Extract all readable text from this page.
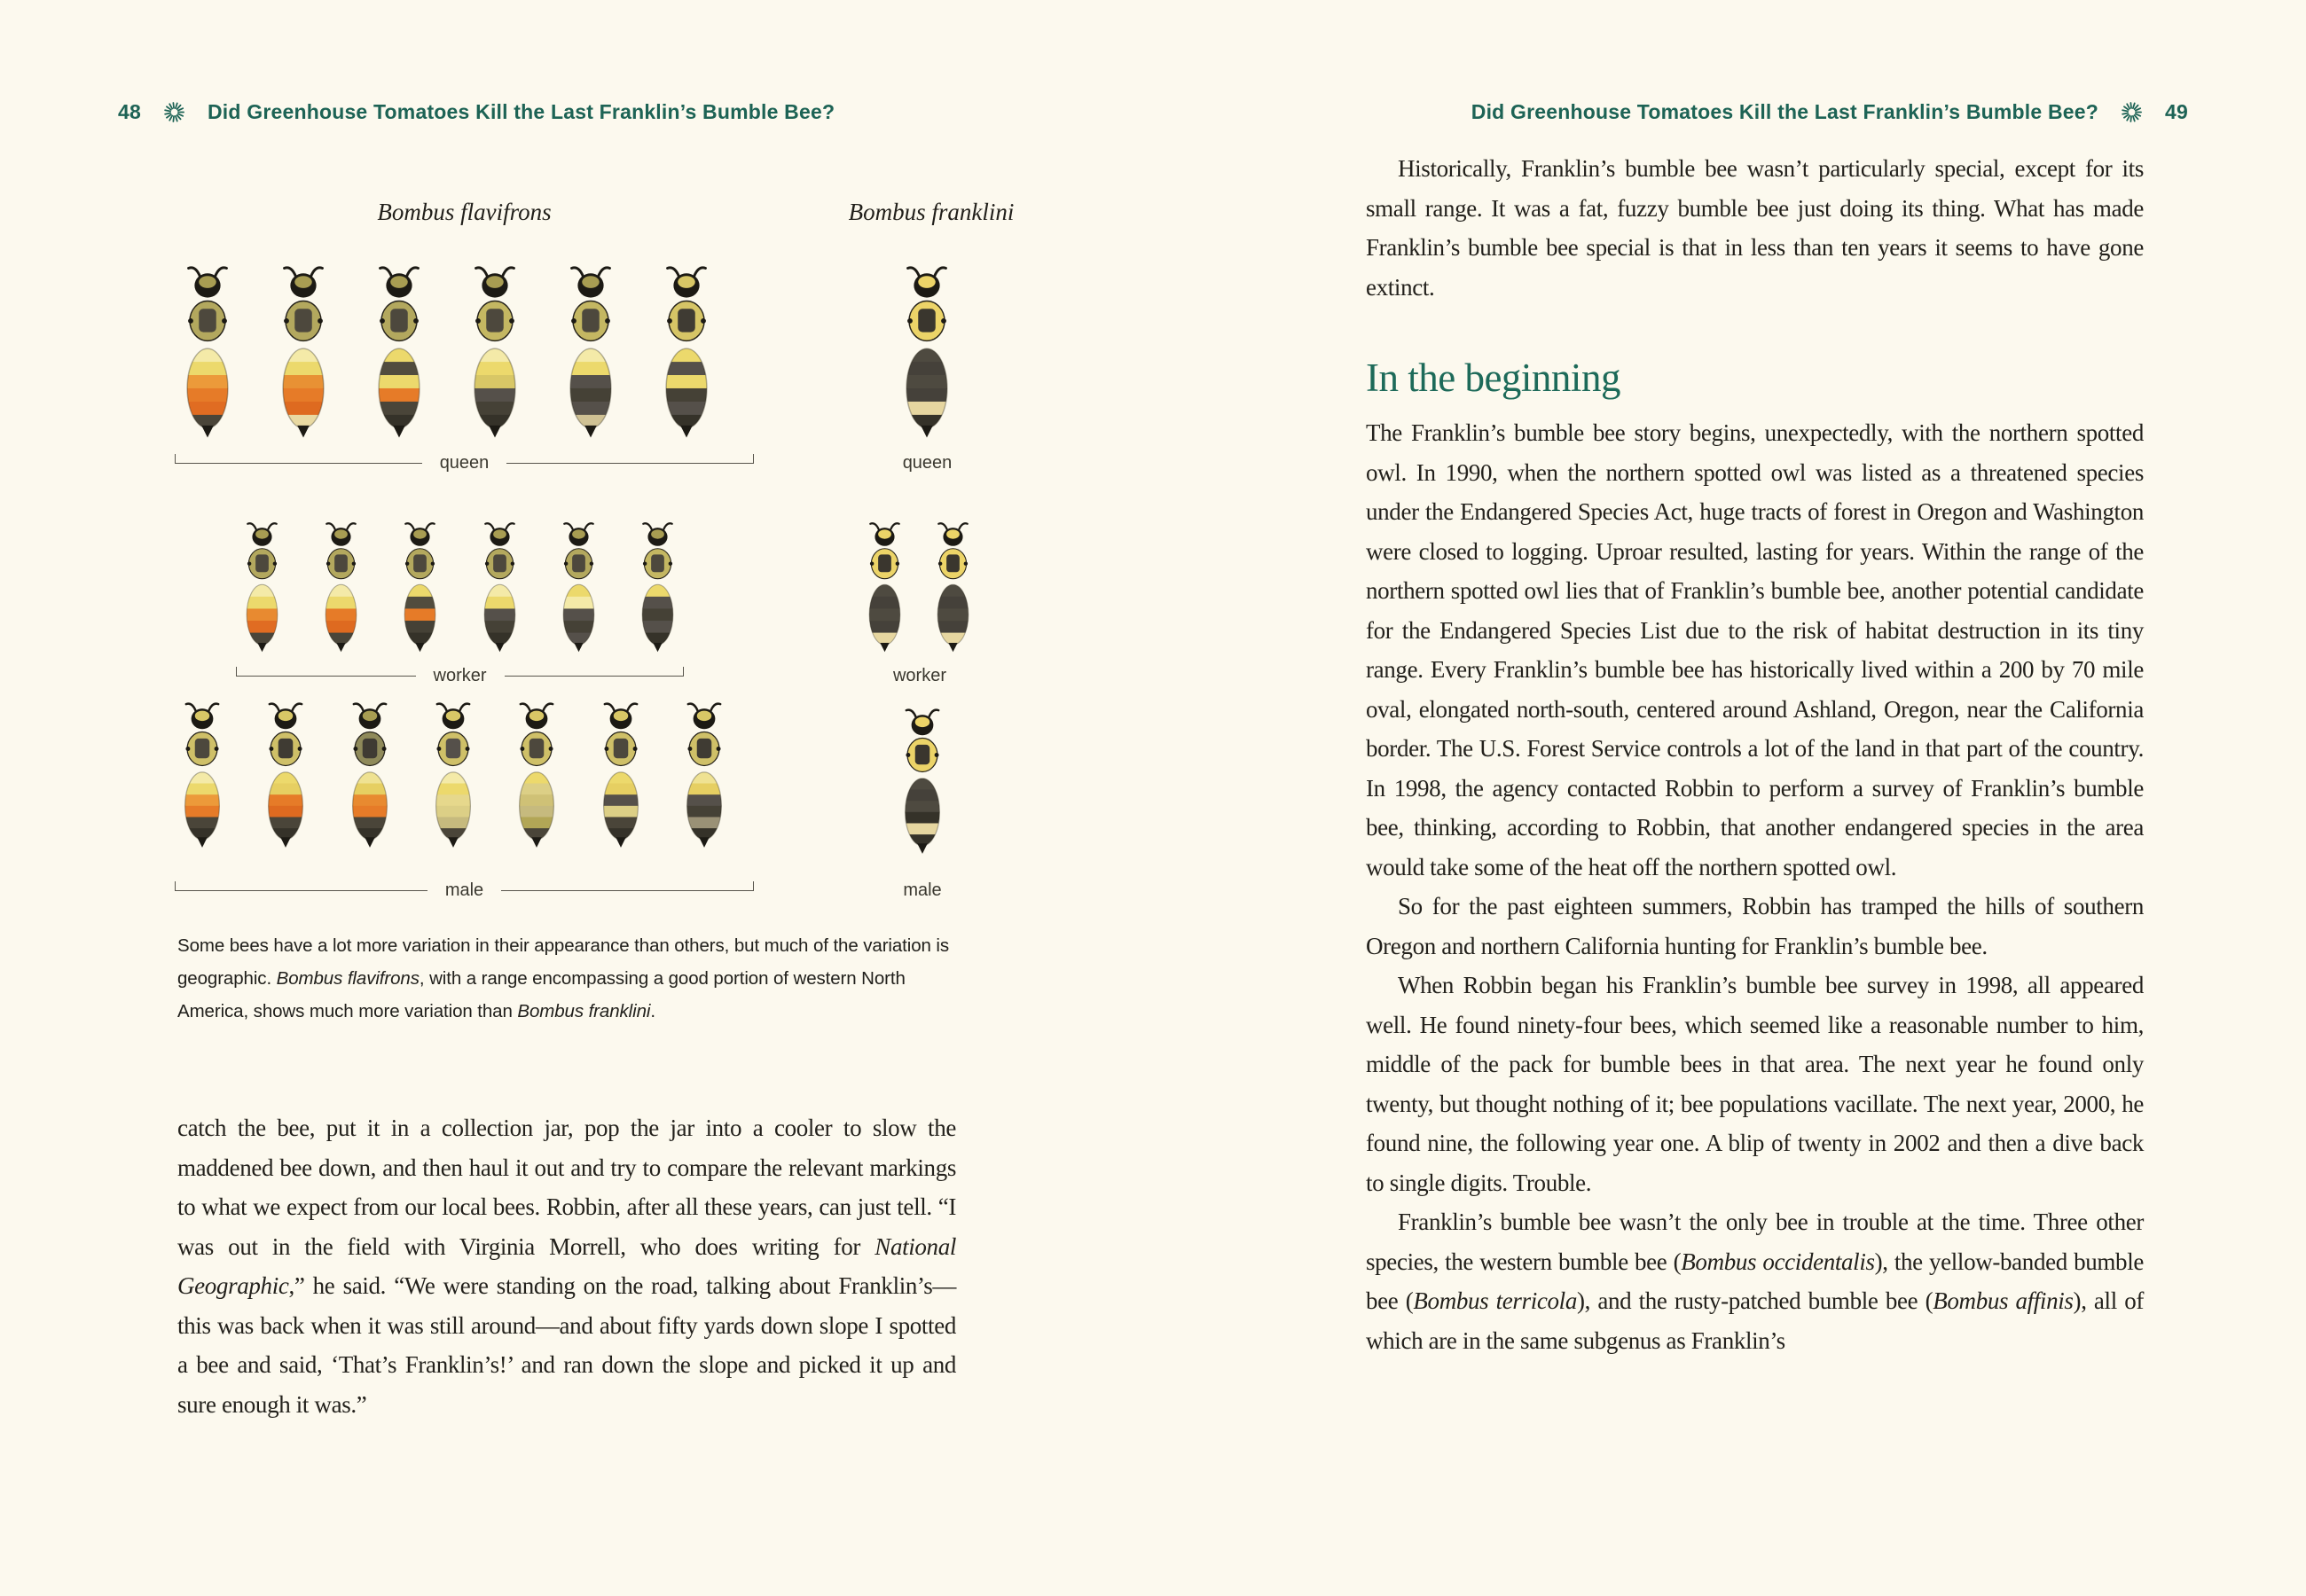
48	Did Greenhouse Tomatoes Kill the Last Franklin’s Bumble Bee?	Did Greenhouse Tomatoes Kill the Last Franklin’s Bumble Bee?	49
Bombus flavifrons	Bombus franklini
queen	queen
worker	worker
male	male

Some bees have a lot more variation in their appearance than others, but much of the variation is geographic. Bombus flavifrons, with a range encompassing a good portion of western North America, shows much more variation than Bombus franklini.

catch the bee, put it in a collection jar, pop the jar into a cooler to slow the maddened bee down, and then haul it out and try to compare the relevant markings to what we expect from our local bees. Robbin, after all these years, can just tell. “I was out in the field with Virginia Morrell, who does writing for National Geographic,” he said. “We were standing on the road, talking about Franklin’s—this was back when it was still around—and about fifty yards down slope I spotted a bee and said, ‘That’s Franklin’s!’ and ran down the slope and picked it up and sure enough it was.”

Historically, Franklin’s bumble bee wasn’t particularly special, except for its small range. It was a fat, fuzzy bumble bee just doing its thing. What has made Franklin’s bumble bee special is that in less than ten years it seems to have gone extinct.

In the beginning

The Franklin’s bumble bee story begins, unexpectedly, with the northern spotted owl. In 1990, when the northern spotted owl was listed as a threatened species under the Endangered Species Act, huge tracts of forest in Oregon and Washington were closed to logging. Uproar resulted, lasting for years. Within the range of the northern spotted owl lies that of Franklin’s bumble bee, another potential candidate for the Endangered Species List due to the risk of habitat destruction in its tiny range. Every Franklin’s bumble bee has historically lived within a 200 by 70 mile oval, elongated north-south, centered around Ashland, Oregon, near the California border. The U.S. Forest Service controls a lot of the land in that part of the country. In 1998, the agency contacted Robbin to perform a survey of Franklin’s bumble bee, thinking, according to Robbin, that another endangered species in the area would take some of the heat off the northern spotted owl.

So for the past eighteen summers, Robbin has tramped the hills of southern Oregon and northern California hunting for Franklin’s bumble bee.

When Robbin began his Franklin’s bumble bee survey in 1998, all appeared well. He found ninety-four bees, which seemed like a reasonable number to him, middle of the pack for bumble bees in that area. The next year he found only twenty, but thought nothing of it; bee populations vacillate. The next year, 2000, he found nine, the following year one. A blip of twenty in 2002 and then a dive back to single digits. Trouble.

Franklin’s bumble bee wasn’t the only bee in trouble at the time. Three other species, the western bumble bee (Bombus occidentalis), the yellow-banded bumble bee (Bombus terricola), and the rusty-patched bumble bee (Bombus affinis), all of which are in the same subgenus as Franklin’s
